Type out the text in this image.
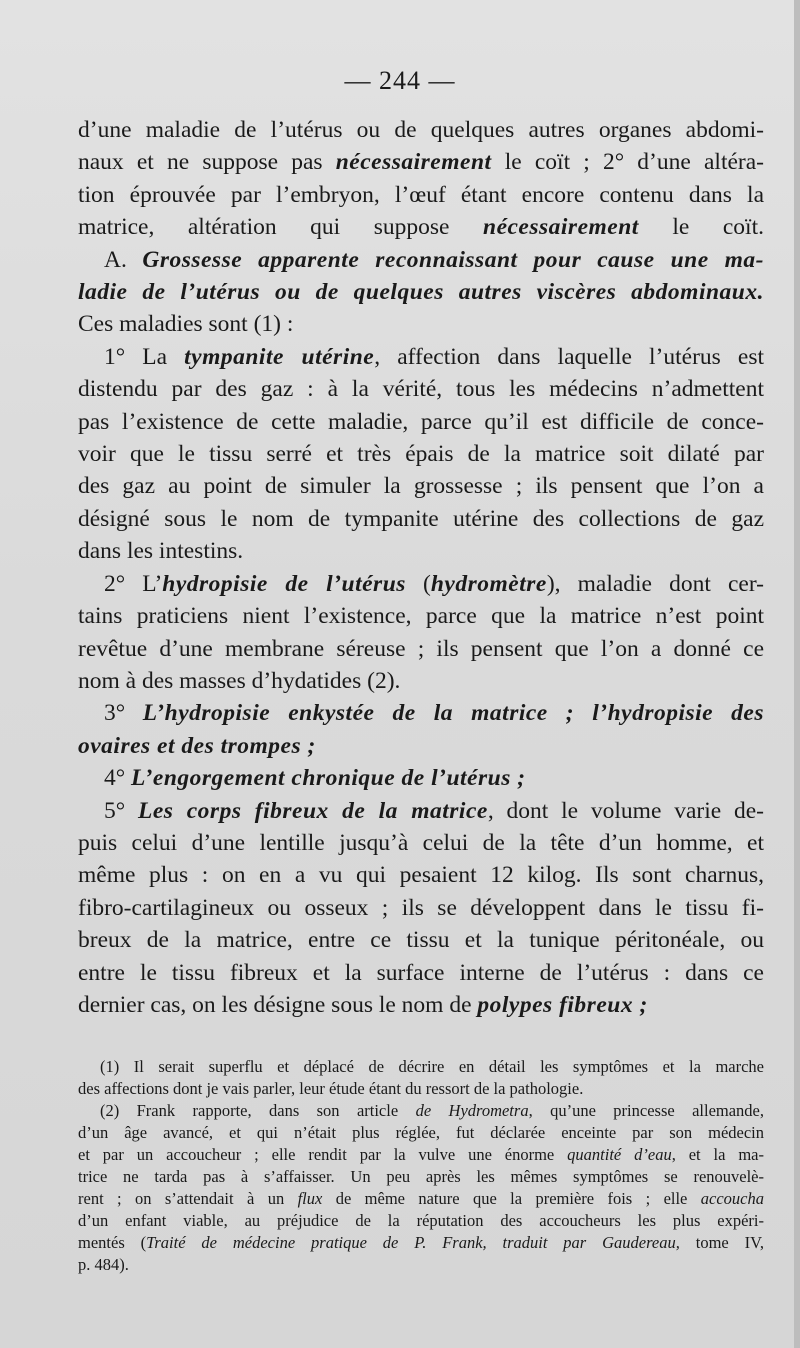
— 244 —
d’une maladie de l’utérus ou de quelques autres organes abdomi-
naux et ne suppose pas nécessairement le coït ; 2° d’une altéra-
tion éprouvée par l’embryon, l’œuf étant encore contenu dans la
matrice, altération qui suppose nécessairement le coït.
A. Grossesse apparente reconnaissant pour cause une ma-
ladie de l’utérus ou de quelques autres viscères abdominaux.
Ces maladies sont (1) :
1° La tympanite utérine, affection dans laquelle l’utérus est
distendu par des gaz : à la vérité, tous les médecins n’admettent
pas l’existence de cette maladie, parce qu’il est difficile de conce-
voir que le tissu serré et très épais de la matrice soit dilaté par
des gaz au point de simuler la grossesse ; ils pensent que l’on a
désigné sous le nom de tympanite utérine des collections de gaz
dans les intestins.
2° L’hydropisie de l’utérus (hydromètre), maladie dont cer-
tains praticiens nient l’existence, parce que la matrice n’est point
revêtue d’une membrane séreuse ; ils pensent que l’on a donné ce
nom à des masses d’hydatides (2).
3° L’hydropisie enkystée de la matrice ; l’hydropisie des
ovaires et des trompes ;
4° L’engorgement chronique de l’utérus ;
5° Les corps fibreux de la matrice, dont le volume varie de-
puis celui d’une lentille jusqu’à celui de la tête d’un homme, et
même plus : on en a vu qui pesaient 12 kilog. Ils sont charnus,
fibro-cartilagineux ou osseux ; ils se développent dans le tissu fi-
breux de la matrice, entre ce tissu et la tunique péritonéale, ou
entre le tissu fibreux et la surface interne de l’utérus : dans ce
dernier cas, on les désigne sous le nom de polypes fibreux ;
(1) Il serait superflu et déplacé de décrire en détail les symptômes et la marche
des affections dont je vais parler, leur étude étant du ressort de la pathologie.
(2) Frank rapporte, dans son article de Hydrometra, qu’une princesse allemande,
d’un âge avancé, et qui n’était plus réglée, fut déclarée enceinte par son médecin
et par un accoucheur ; elle rendit par la vulve une énorme quantité d’eau, et la ma-
trice ne tarda pas à s’affaisser. Un peu après les mêmes symptômes se renouvelè-
rent ; on s’attendait à un flux de même nature que la première fois ; elle accoucha
d’un enfant viable, au préjudice de la réputation des accoucheurs les plus expéri-
mentés (Traité de médecine pratique de P. Frank, traduit par Gaudereau, tome IV,
p. 484).
